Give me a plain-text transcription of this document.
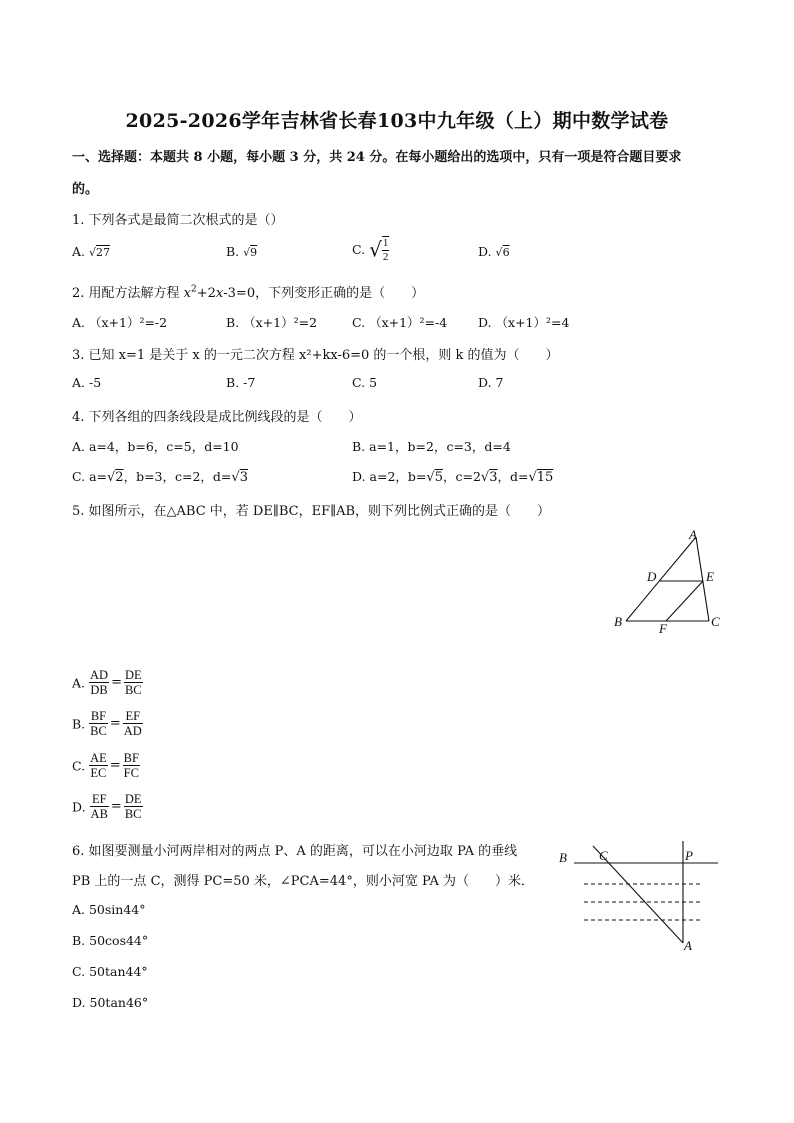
2025-2026学年吉林省长春103中九年级（上）期中数学试卷
一、选择题：本题共 8 小题，每小题 3 分，共 24 分。在每小题给出的选项中，只有一项是符合题目要求
的。
1. 下列各式是最简二次根式的是（）
A. √27	B. √9	C. √ $\frac{1}{2}$	D. √6
2. 用配方法解方程 $x^2+2x-3=0$，下列变形正确的是（　　）
A. （x+1）²=-2	B. （x+1）²=2	C. （x+1）²=-4 D. （x+1）²=4
3. 已知 x=1 是关于 x 的一元二次方程 x²+kx-6=0 的一个根，则 k 的值为（　　）
A. -5	B. -7	C. 5	D. 7
4. 下列各组的四条线段是成比例线段的是（　　）
A. a=4，b=6，c=5，d=10	B. a=1，b=2，c=3，d=4
C. a=√2，b=3，c=2，d=√3	D. a=2，b=√5，c=2√3，d=√15
5. 如图所示，在△ABC 中，若 DE∥BC，EF∥AB，则下列比例式正确的是（　　）
A
D	E
B	F	C
A. $\frac{AD}{DB} = \frac{DE}{BC}$
B. $\frac{BF}{BC} = \frac{EF}{AD}$
C. $\frac{AE}{EC} = \frac{BF}{FC}$
D. $\frac{EF}{AB} = \frac{DE}{BC}$
6. 如图要测量小河两岸相对的两点 P、A 的距离，可以在小河边取 PA 的垂线
PB 上的一点 C，测得 PC=50 米，∠PCA=44°，则小河宽 PA 为（　　）米．
B C	P
A
A. 50sin44°
B. 50cos44°
C. 50tan44°
D. 50tan46°
